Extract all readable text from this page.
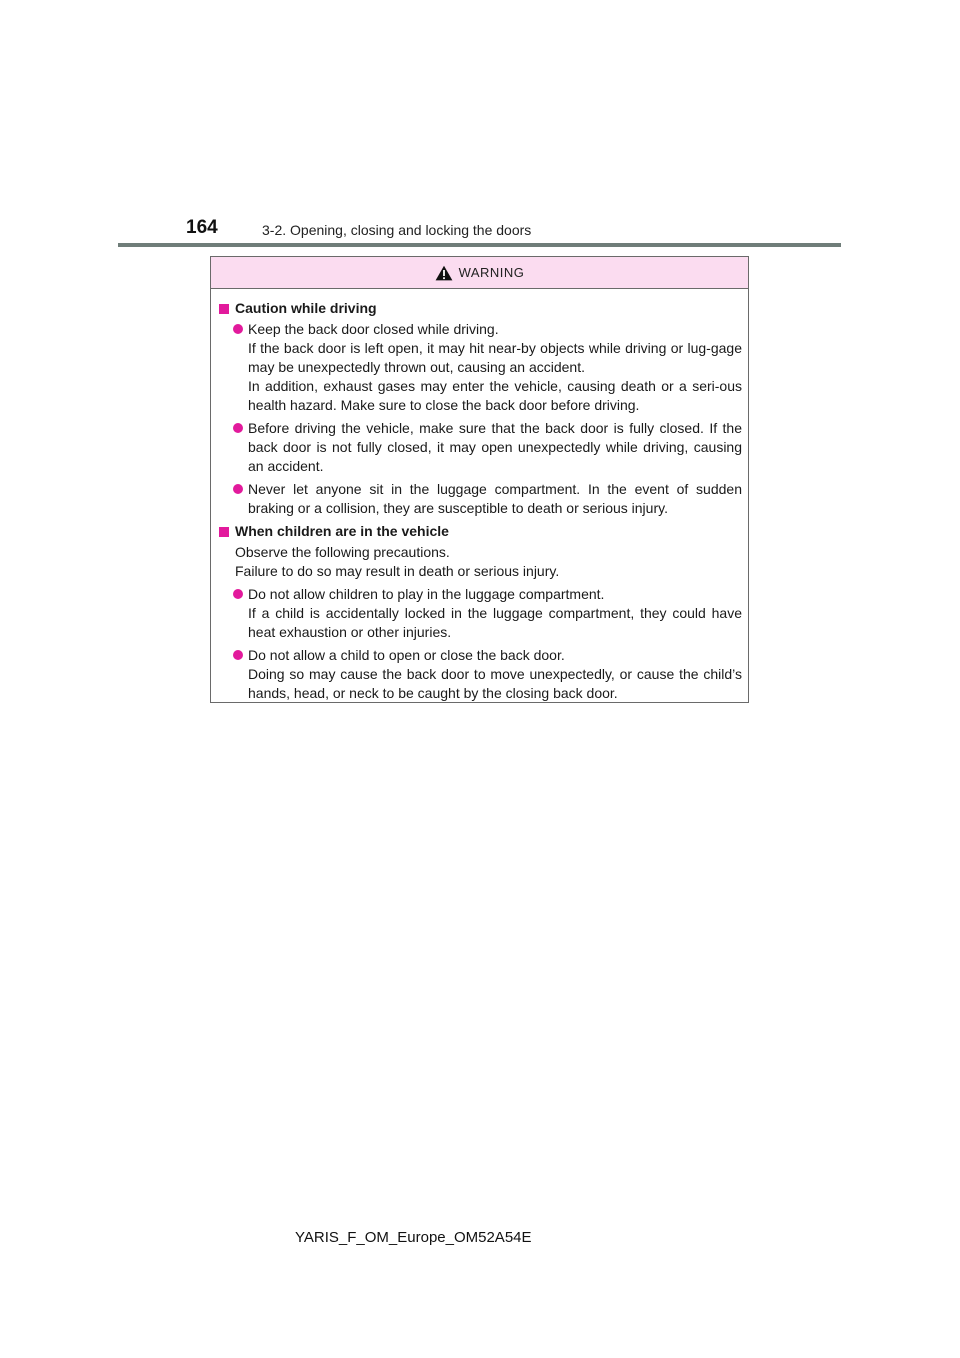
164	3-2. Opening, closing and locking the doors
WARNING
Caution while driving
Keep the back door closed while driving.
If the back door is left open, it may hit near-by objects while driving or lug-gage may be unexpectedly thrown out, causing an accident.
In addition, exhaust gases may enter the vehicle, causing death or a seri-ous health hazard. Make sure to close the back door before driving.
Before driving the vehicle, make sure that the back door is fully closed. If the back door is not fully closed, it may open unexpectedly while driving, causing an accident.
Never let anyone sit in the luggage compartment. In the event of sudden braking or a collision, they are susceptible to death or serious injury.
When children are in the vehicle
Observe the following precautions.
Failure to do so may result in death or serious injury.
Do not allow children to play in the luggage compartment.
If a child is accidentally locked in the luggage compartment, they could have heat exhaustion or other injuries.
Do not allow a child to open or close the back door.
Doing so may cause the back door to move unexpectedly, or cause the child’s hands, head, or neck to be caught by the closing back door.
YARIS_F_OM_Europe_OM52A54E
